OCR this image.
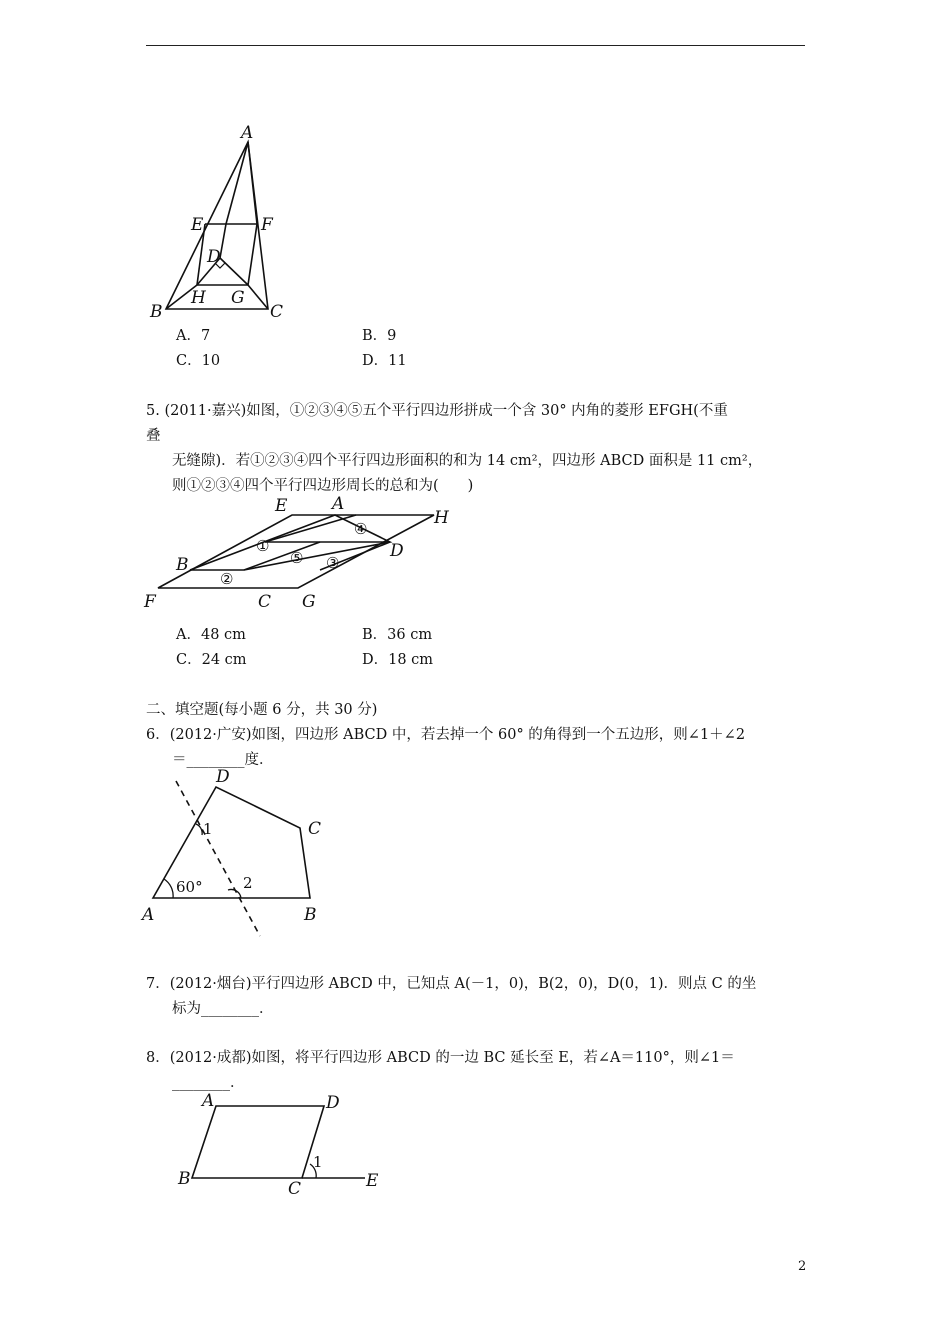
A
E	F
D
H G
B	C
A．7	B．9
C．10	D．11
5. (2011·嘉兴)如图，①②③④⑤五个平行四边形拼成一个含 30° 内角的菱形 EFGH(不重
叠
无缝隙)．若①②③④四个平行四边形面积的和为 14 cm²，四边形 ABCD 面积是 11 cm²，
则①②③④四个平行四边形周长的总和为(　　)
E	A
H
B
D
F	C G
①
②
③
④
⑤
A．48 cm	B．36 cm
C．24 cm	D．18 cm
二、填空题(每小题 6 分，共 30 分)
6．(2012·广安)如图，四边形 ABCD 中，若去掉一个 60° 的角得到一个五边形，则∠1＋∠2
＝________度．
D
C
1
60°	2
A	B
7．(2012·烟台)平行四边形 ABCD 中，已知点 A(－1，0)，B(2，0)，D(0，1)．则点 C 的坐
标为________．
8．(2012·成都)如图，将平行四边形 ABCD 的一边 BC 延长至 E，若∠A＝110°，则∠1＝
________．
A	D
1
B	C	E
2
